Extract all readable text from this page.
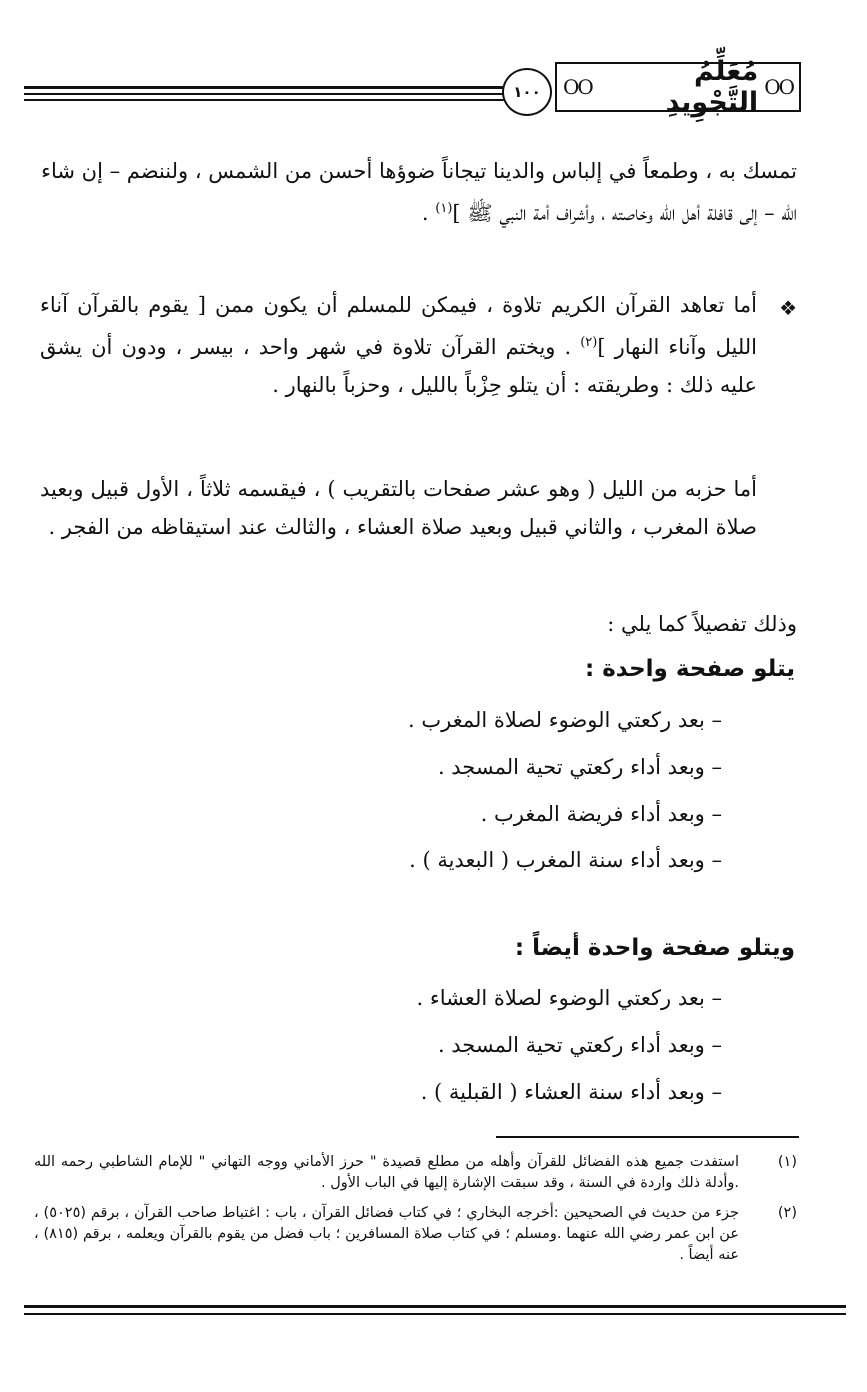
١٠٠	OO
مُعَلِّمُ التَّجْوِيدِ
OO
تمسك به ، وطمعاً في إلباس والدينا تيجاناً ضوؤها أحسن من الشمس ، ولننضم – إن شاء
الله – إلى قافلة أهل الله وخاصته ، وأشراف أمة النبي ﷺ ]$^{(١)}$ .
❖
أما تعاهد القرآن الكريم تلاوة ، فيمكن للمسلم أن يكون ممن [ يقوم بالقرآن آناء الليل وآناء النهار ]$^{(٢)}$ . ويختم القرآن تلاوة في شهر واحد ، بيسر ، ودون أن يشق عليه ذلك : وطريقته : أن يتلو حِزْباً بالليل ، وحزباً بالنهار .
أما حزبه من الليل ( وهو عشر صفحات بالتقريب ) ، فيقسمه ثلاثاً ، الأول قبيل وبعيد صلاة المغرب ، والثاني قبيل وبعيد صلاة العشاء ، والثالث عند استيقاظه من الفجر .
وذلك تفصيلاً كما يلي :
يتلو صفحة واحدة :
– بعد ركعتي الوضوء لصلاة المغرب .
– وبعد أداء ركعتي تحية المسجد .
– وبعد أداء فريضة المغرب .
– وبعد أداء سنة المغرب ( البعدية ) .
ويتلو صفحة واحدة أيضاً :
– بعد ركعتي الوضوء لصلاة العشاء .
– وبعد أداء ركعتي تحية المسجد .
– وبعد أداء سنة العشاء ( القبلية ) .
(١)
استفدت جميع هذه الفضائل للقرآن وأهله من مطلع قصيدة " حرز الأماني ووجه التهاني " للإمام الشاطبي رحمه الله .وأدلة ذلك واردة في السنة ، وقد سبقت الإشارة إليها في الباب الأول .
(٢)
جزء من حديث في الصحيحين :أخرجه البخاري ؛ في كتاب فضائل القرآن ، باب : اغتباط صاحب القرآن ، برقم (٥٠٢٥) ، عن ابن عمر رضي الله عنهما .ومسلم ؛ في كتاب صلاة المسافرين ؛ باب فضل من يقوم بالقرآن ويعلمه ، برقم (٨١٥) ، عنه أيضاً .
